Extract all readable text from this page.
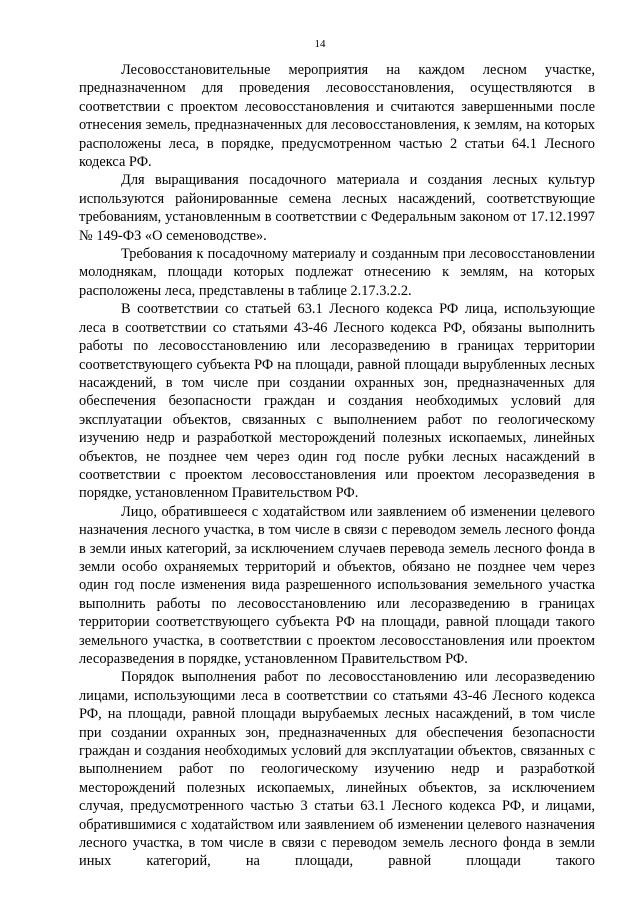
14

Лесовосстановительные мероприятия на каждом лесном участке, предназначенном для проведения лесовосстановления, осуществляются в соответствии с проектом лесовосстановления и считаются завершенными после отнесения земель, предназначенных для лесовосстановления, к землям, на которых расположены леса, в порядке, предусмотренном частью 2 статьи 64.1 Лесного кодекса РФ.

Для выращивания посадочного материала и создания лесных культур используются районированные семена лесных насаждений, соответствующие требованиям, установленным в соответствии с Федеральным законом от 17.12.1997 № 149-ФЗ «О семеноводстве».

Требования к посадочному материалу и созданным при лесовосстановлении молоднякам, площади которых подлежат отнесению к землям, на которых расположены леса, представлены в таблице 2.17.3.2.2.

В соответствии со статьей 63.1 Лесного кодекса РФ лица, использующие леса в соответствии со статьями 43-46 Лесного кодекса РФ, обязаны выполнить работы по лесовосстановлению или лесоразведению в границах территории соответствующего субъекта РФ на площади, равной площади вырубленных лесных насаждений, в том числе при создании охранных зон, предназначенных для обеспечения безопасности граждан и создания необходимых условий для эксплуатации объектов, связанных с выполнением работ по геологическому изучению недр и разработкой месторождений полезных ископаемых, линейных объектов, не позднее чем через один год после рубки лесных насаждений в соответствии с проектом лесовосстановления или проектом лесоразведения в порядке, установленном Правительством РФ.

Лицо, обратившееся с ходатайством или заявлением об изменении целевого назначения лесного участка, в том числе в связи с переводом земель лесного фонда в земли иных категорий, за исключением случаев перевода земель лесного фонда в земли особо охраняемых территорий и объектов, обязано не позднее чем через один год после изменения вида разрешенного использования земельного участка выполнить работы по лесовосстановлению или лесоразведению в границах территории соответствующего субъекта РФ на площади, равной площади такого земельного участка, в соответствии с проектом лесовосстановления или проектом лесоразведения в порядке, установленном Правительством РФ.

Порядок выполнения работ по лесовосстановлению или лесоразведению лицами, использующими леса в соответствии со статьями 43-46 Лесного кодекса РФ, на площади, равной площади вырубаемых лесных насаждений, в том числе при создании охранных зон, предназначенных для обеспечения безопасности граждан и создания необходимых условий для эксплуатации объектов, связанных с выполнением работ по геологическому изучению недр и разработкой месторождений полезных ископаемых, линейных объектов, за исключением случая, предусмотренного частью 3 статьи 63.1 Лесного кодекса РФ, и лицами, обратившимися с ходатайством или заявлением об изменении целевого назначения лесного участка, в том числе в связи с переводом земель лесного фонда в земли иных категорий, на площади, равной площади такого
